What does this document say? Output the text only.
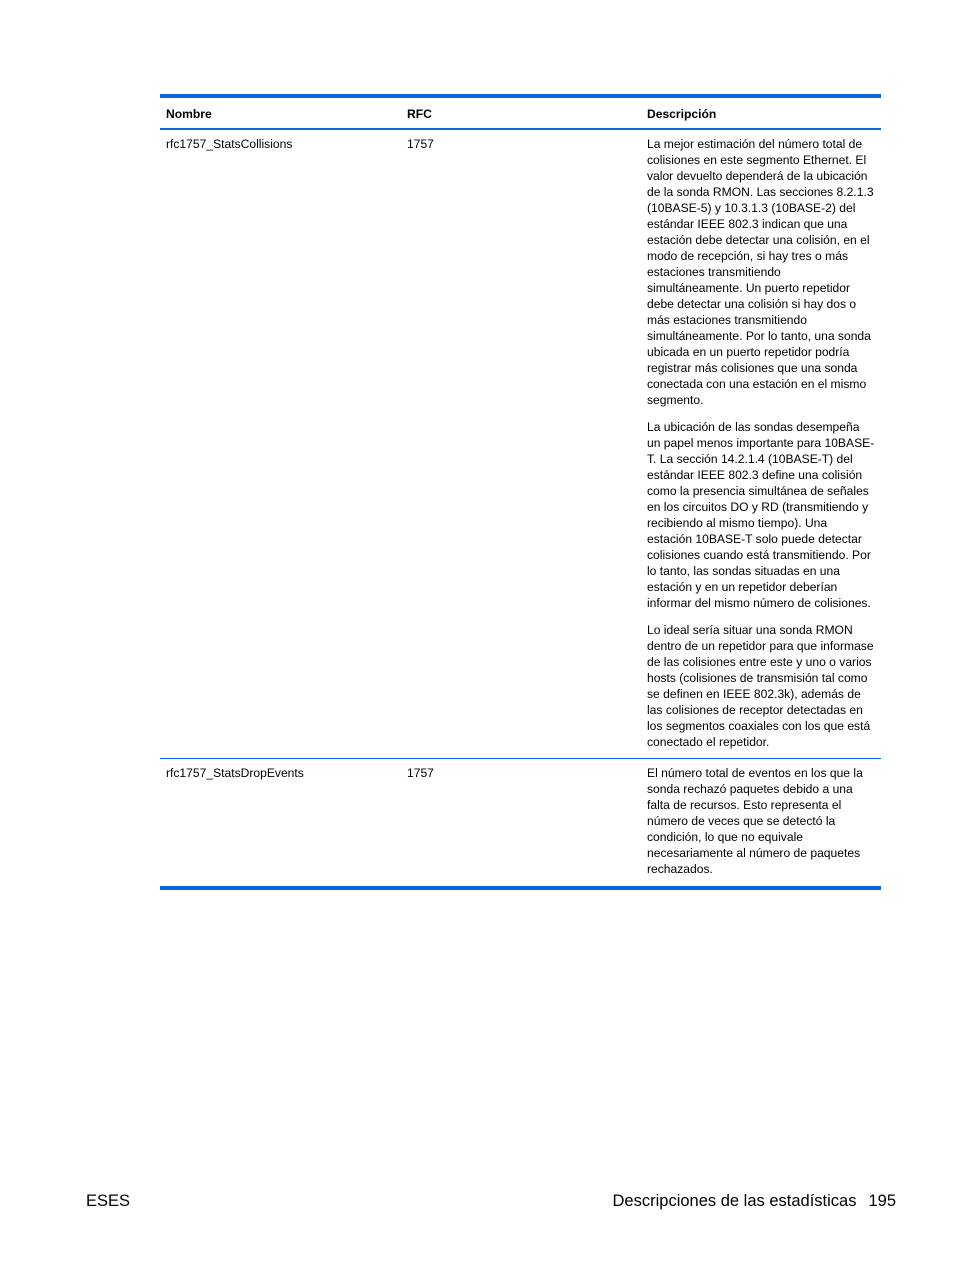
Nombre	RFC	Descripción
rfc1757_StatsCollisions	1757	La mejor estimación del número total de colisiones en este segmento Ethernet. El valor devuelto dependerá de la ubicación de la sonda RMON. Las secciones 8.2.1.3 (10BASE-5) y 10.3.1.3 (10BASE-2) del estándar IEEE 802.3 indican que una estación debe detectar una colisión, en el modo de recepción, si hay tres o más estaciones transmitiendo simultáneamente. Un puerto repetidor debe detectar una colisión si hay dos o más estaciones transmitiendo simultáneamente. Por lo tanto, una sonda ubicada en un puerto repetidor podría registrar más colisiones que una sonda conectada con una estación en el mismo segmento.

La ubicación de las sondas desempeña un papel menos importante para 10BASE-T. La sección 14.2.1.4 (10BASE-T) del estándar IEEE 802.3 define una colisión como la presencia simultánea de señales en los circuitos DO y RD (transmitiendo y recibiendo al mismo tiempo). Una estación 10BASE-T solo puede detectar colisiones cuando está transmitiendo. Por lo tanto, las sondas situadas en una estación y en un repetidor deberían informar del mismo número de colisiones.

Lo ideal sería situar una sonda RMON dentro de un repetidor para que informase de las colisiones entre este y uno o varios hosts (colisiones de transmisión tal como se definen en IEEE 802.3k), además de las colisiones de receptor detectadas en los segmentos coaxiales con los que está conectado el repetidor.

rfc1757_StatsDropEvents	1757	El número total de eventos en los que la sonda rechazó paquetes debido a una falta de recursos. Esto representa el número de veces que se detectó la condición, lo que no equivale necesariamente al número de paquetes rechazados.

ESES	Descripciones de las estadísticas 195
